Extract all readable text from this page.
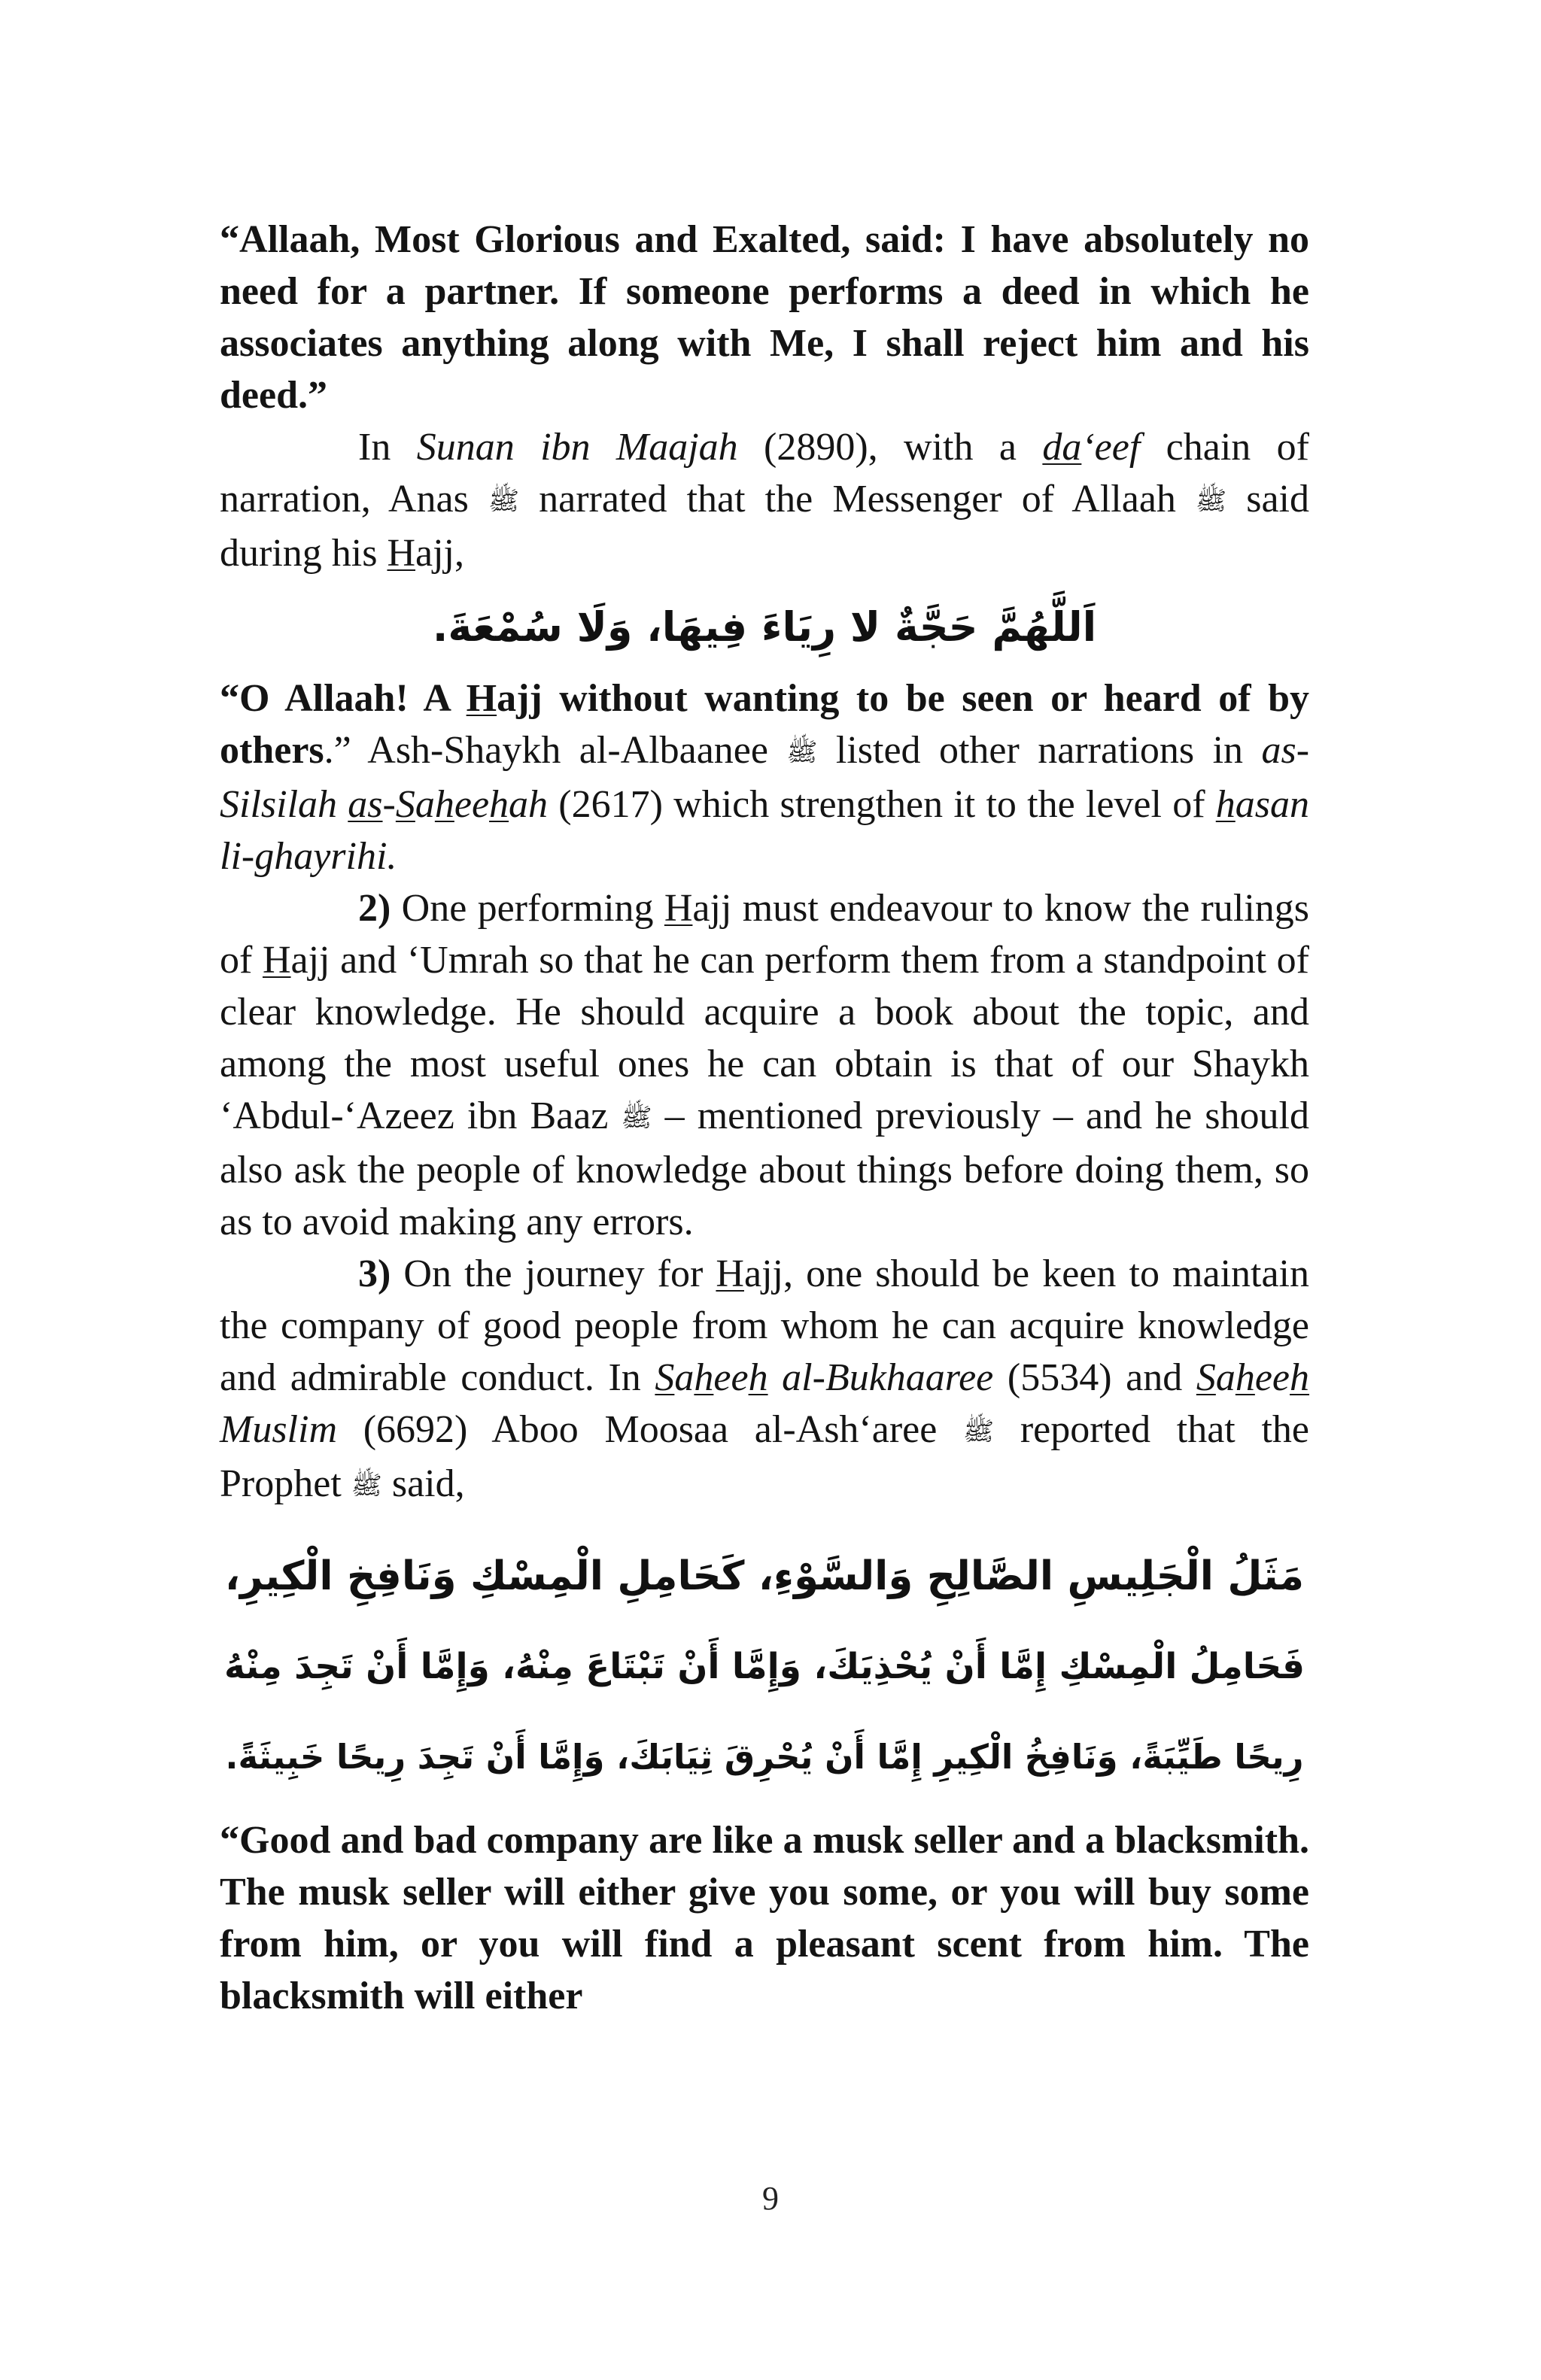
“Allaah, Most Glorious and Exalted, said: I have absolutely no need for a partner. If someone performs a deed in which he associates anything along with Me, I shall reject him and his deed.”

In Sunan ibn Maajah (2890), with a da‘eef chain of narration, Anas ﷺ narrated that the Messenger of Allaah ﷺ said during his Hajj,

اَللَّهُمَّ حَجَّةٌ لا رِيَاءَ فِيهَا، وَلَا سُمْعَةَ.

“O Allaah! A Hajj without wanting to be seen or heard of by others.” Ash-Shaykh al-Albaanee ﷺ listed other narrations in as-Silsilah as-Saheehah (2617) which strengthen it to the level of hasan li-ghayrihi.

2) One performing Hajj must endeavour to know the rulings of Hajj and ‘Umrah so that he can perform them from a standpoint of clear knowledge. He should acquire a book about the topic, and among the most useful ones he can obtain is that of our Shaykh ‘Abdul-‘Azeez ibn Baaz ﷺ – mentioned previously – and he should also ask the people of knowledge about things before doing them, so as to avoid making any errors.

3) On the journey for Hajj, one should be keen to maintain the company of good people from whom he can acquire knowledge and admirable conduct. In Saheeh al-Bukhaaree (5534) and Saheeh Muslim (6692) Aboo Moosaa al-Ash‘aree ﷺ reported that the Prophet ﷺ said,

مَثَلُ الْجَلِيسِ الصَّالِحِ وَالسَّوْءِ، كَحَامِلِ الْمِسْكِ وَنَافِخِ الْكِيرِ،
فَحَامِلُ الْمِسْكِ إِمَّا أَنْ يُحْذِيَكَ، وَإِمَّا أَنْ تَبْتَاعَ مِنْهُ، وَإِمَّا أَنْ تَجِدَ مِنْهُ
رِيحًا طَيِّبَةً، وَنَافِخُ الْكِيرِ إِمَّا أَنْ يُحْرِقَ ثِيَابَكَ، وَإِمَّا أَنْ تَجِدَ رِيحًا خَبِيثَةً.

“Good and bad company are like a musk seller and a blacksmith. The musk seller will either give you some, or you will buy some from him, or you will find a pleasant scent from him. The blacksmith will either

9
